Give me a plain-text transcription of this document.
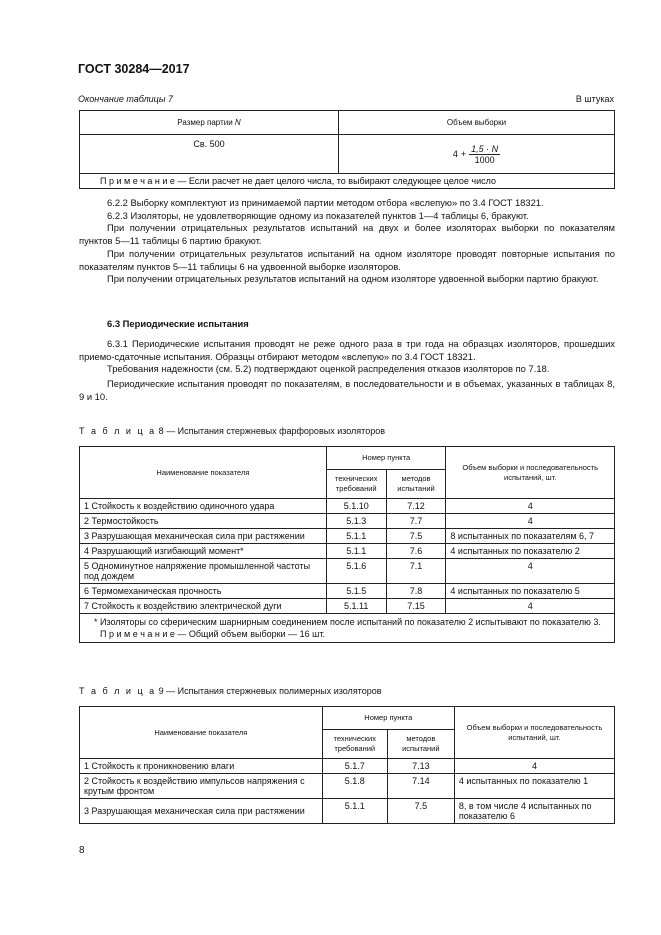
ГОСТ 30284—2017
Окончание таблицы 7	В штуках
Размер партии N	Объем выборки
Св. 500	$4 + \frac{1,5 \cdot N}{1000}$

П р и м е ч а н и е — Если расчет не дает целого числа, то выбирают следующее целое число	

6.2.2 Выборку комплектуют из принимаемой партии методом отбора «вслепую» по 3.4 ГОСТ 18321.

6.2.3 Изоляторы, не удовлетворяющие одному из показателей пунктов 1—4 таблицы 6, бракуют.

При получении отрицательных результатов испытаний на двух и более изоляторах выборки по показателям пунктов 5—11 таблицы 6 партию бракуют.

При получении отрицательных результатов испытаний на одном изоляторе проводят повторные испытания по показателям пунктов 5—11 таблицы 6 на удвоенной выборке изоляторов.

При получении отрицательных результатов испытаний на одном изоляторе удвоенной выборки партию бракуют.

6.3 Периодические испытания

6.3.1 Периодические испытания проводят не реже одного раза в три года на образцах изоляторов, прошедших приемо-сдаточные испытания. Образцы отбирают методом «вслепую» по 3.4 ГОСТ 18321.

Требования надежности (см. 5.2) подтверждают оценкой распределения отказов изоляторов по 7.18.

Периодические испытания проводят по показателям, в последовательности и в объемах, указанных в таблицах 8, 9 и 10.

Т а б л и ц а 8 — Испытания стержневых фарфоровых изоляторов
Наименование показателя	Номер пункта		Объем выборки и последовательность испытаний, шт.
	технических требований	методов испытаний	
1 Стойкость к воздействию одиночного удара	5.1.10	7.12	4
2 Термостойкость	5.1.3	7.7	4
3 Разрушающая механическая сила при растяжении	5.1.1	7.5	8 испытанных по показателям 6, 7
4 Разрушающий изгибающий момент*	5.1.1	7.6	4 испытанных по показателю 2
5 Одноминутное напряжение промышленной частоты под дождем	5.1.6	7.1	4
6 Термомеханическая прочность	5.1.5	7.8	4 испытанных по показателю 5
7 Стойкость к воздействию электрической дуги	5.1.11	7.15	4

* Изоляторы со сферическим шарнирным соединением после испытаний по показателю 2 испытывают по показателю 3.
П р и м е ч а н и е — Общий объем выборки — 16 шт.			
Т а б л и ц а 9 — Испытания стержневых полимерных изоляторов
Наименование показателя	Номер пункта		Объем выборки и последовательность испытаний, шт.
	технических требований	методов испытаний	
1 Стойкость к проникновению влаги	5.1.7	7.13	4
2 Стойкость к воздействию импульсов напряжения с крутым фронтом	5.1.8	7.14	4 испытанных по показателю 1
3 Разрушающая механическая сила при растяжении	5.1.1	7.5	8, в том числе 4 испытанных по показателю 6
8
